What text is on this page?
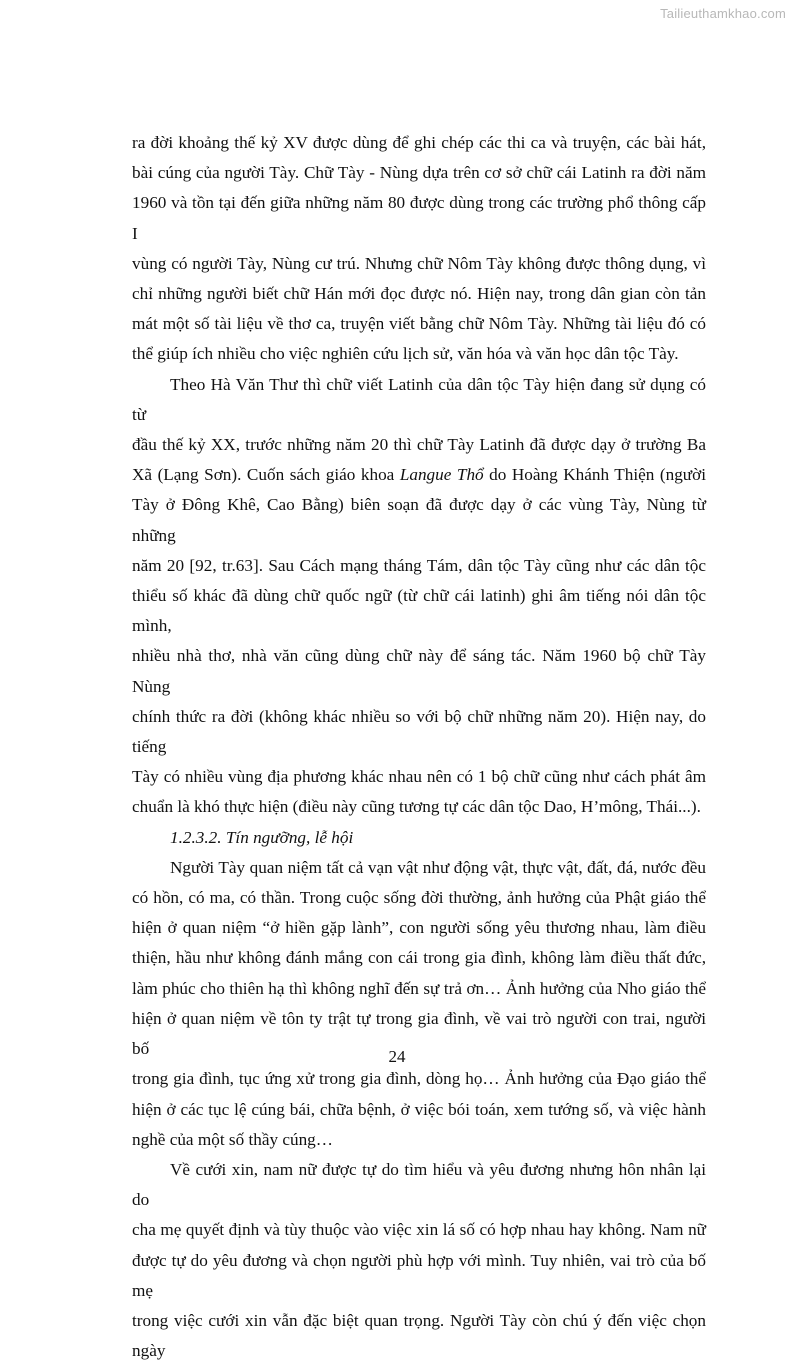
Tailieuthamkhao.com

ra đời khoảng thế kỷ XV được dùng để ghi chép các thi ca và truyện, các bài hát,

bài cúng của người Tày. Chữ Tày - Nùng dựa trên cơ sở chữ cái Latinh ra đời năm

1960 và tồn tại đến giữa những năm 80 được dùng trong các trường phổ thông cấp I

vùng có người Tày, Nùng cư trú. Nhưng chữ Nôm Tày không được thông dụng, vì

chỉ những người biết chữ Hán mới đọc được nó. Hiện nay, trong dân gian còn tản

mát một số tài liệu về thơ ca, truyện viết bằng chữ Nôm Tày. Những tài liệu đó có

thể giúp ích nhiều cho việc nghiên cứu lịch sử, văn hóa và văn học dân tộc Tày.

Theo Hà Văn Thư thì chữ viết Latinh của dân tộc Tày hiện đang sử dụng có từ

đầu thế kỷ XX, trước những năm 20 thì chữ Tày Latinh đã được dạy ở trường Ba

Xã (Lạng Sơn). Cuốn sách giáo khoa Langue Thổ do Hoàng Khánh Thiện (người

Tày ở Đông Khê, Cao Bằng) biên soạn đã được dạy ở các vùng Tày, Nùng từ những

năm 20 [92, tr.63]. Sau Cách mạng tháng Tám, dân tộc Tày cũng như các dân tộc

thiểu số khác đã dùng chữ quốc ngữ (từ chữ cái latinh) ghi âm tiếng nói dân tộc mình,

nhiều nhà thơ, nhà văn cũng dùng chữ này để sáng tác. Năm 1960 bộ chữ Tày Nùng

chính thức ra đời (không khác nhiều so với bộ chữ những năm 20). Hiện nay, do tiếng

Tày có nhiều vùng địa phương khác nhau nên có 1 bộ chữ cũng như cách phát âm

chuẩn là khó thực hiện (điều này cũng tương tự các dân tộc Dao, H’mông, Thái...).

1.2.3.2. Tín ngưỡng, lễ hội

Người Tày quan niệm tất cả vạn vật như động vật, thực vật, đất, đá, nước đều

có hồn, có ma, có thần. Trong cuộc sống đời thường, ảnh hưởng của Phật giáo thể

hiện ở quan niệm “ở hiền gặp lành”, con người sống yêu thương nhau, làm điều

thiện, hầu như không đánh mắng con cái trong gia đình, không làm điều thất đức,

làm phúc cho thiên hạ thì không nghĩ đến sự trả ơn… Ảnh hưởng của Nho giáo thể

hiện ở quan niệm về tôn ty trật tự trong gia đình, về vai trò người con trai, người bố

trong gia đình, tục ứng xử trong gia đình, dòng họ… Ảnh hưởng của Đạo giáo thể

hiện ở các tục lệ cúng bái, chữa bệnh, ở việc bói toán, xem tướng số, và việc hành

nghề của một số thầy cúng…

Về cưới xin, nam nữ được tự do tìm hiểu và yêu đương nhưng hôn nhân lại do

cha mẹ quyết định và tùy thuộc vào việc xin lá số có hợp nhau hay không. Nam nữ

được tự do yêu đương và chọn người phù hợp với mình. Tuy nhiên, vai trò của bố mẹ

trong việc cưới xin vẫn đặc biệt quan trọng. Người Tày còn chú ý đến việc chọn ngày

24
